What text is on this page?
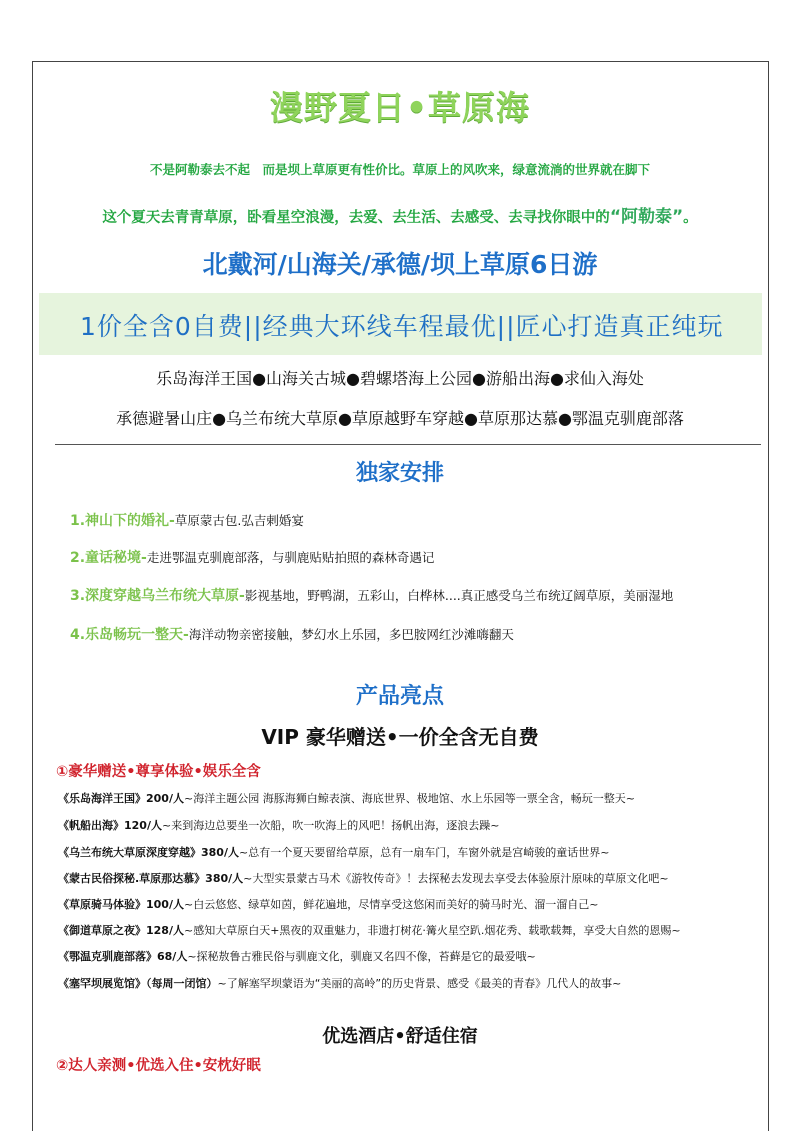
漫野夏日•草原海
不是阿勒泰去不起　而是坝上草原更有性价比。草原上的风吹来，绿意流淌的世界就在脚下
这个夏天去青青草原，卧看星空浪漫，去爱、去生活、去感受、去寻找你眼中的“阿勒泰”。
北戴河/山海关/承德/坝上草原6日游
1价全含0自费||经典大环线车程最优||匠心打造真正纯玩
乐岛海洋王国●山海关古城●碧螺塔海上公园●游船出海●求仙入海处
承德避暑山庄●乌兰布统大草原●草原越野车穿越●草原那达慕●鄂温克驯鹿部落
独家安排
1.神山下的婚礼-草原蒙古包.弘吉剌婚宴
2.童话秘境-走进鄂温克驯鹿部落，与驯鹿贴贴拍照的森林奇遇记
3.深度穿越乌兰布统大草原-影视基地，野鸭湖，五彩山，白桦林....真正感受乌兰布统辽阔草原，美丽湿地
4.乐岛畅玩一整天-海洋动物亲密接触，梦幻水上乐园，多巴胺网红沙滩嗨翻天
产品亮点
VIP 豪华赠送•一价全含无自费
①豪华赠送•尊享体验•娱乐全含
《乐岛海洋王国》200/人~海洋主题公园 海豚海狮白鲸表演、海底世界、极地馆、水上乐园等一票全含，畅玩一整天~
《帆船出海》120/人~来到海边总要坐一次船，吹一吹海上的风吧！扬帆出海，逐浪去躁~
《乌兰布统大草原深度穿越》380/人~总有一个夏天要留给草原，总有一扇车门，车窗外就是宫崎骏的童话世界~
《蒙古民俗探秘.草原那达慕》380/人~大型实景蒙古马术《游牧传奇》！去探秘去发现去享受去体验原汁原味的草原文化吧~
《草原骑马体验》100/人~白云悠悠、绿草如茵，鲜花遍地，尽情享受这悠闲而美好的骑马时光、溜一溜自己~
《御道草原之夜》128/人~感知大草原白天+黑夜的双重魅力，非遗打树花·篝火星空趴.烟花秀、载歌载舞，享受大自然的恩赐~
《鄂温克驯鹿部落》68/人~探秘敖鲁古雅民俗与驯鹿文化，驯鹿又名四不像，苔藓是它的最爱哦~
《塞罕坝展览馆》（每周一闭馆）~了解塞罕坝蒙语为“美丽的高岭”的历史背景、感受《最美的青春》几代人的故事~
优选酒店•舒适住宿
②达人亲测•优选入住•安枕好眠
